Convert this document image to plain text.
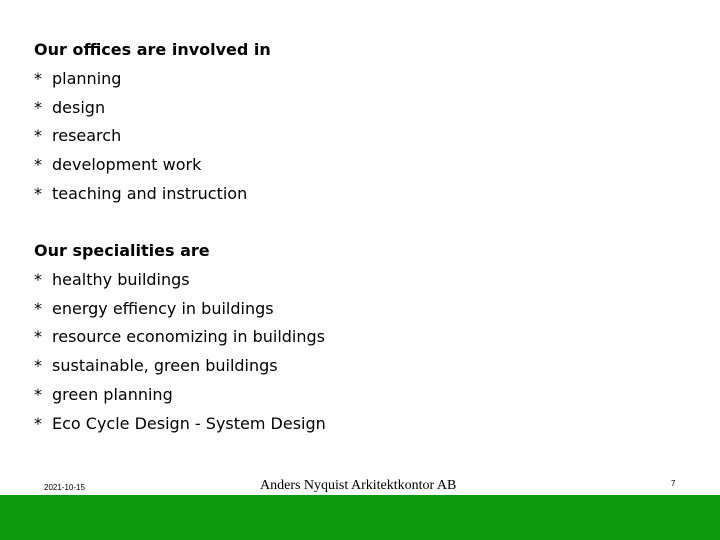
Our offices are involved in
* planning
* design
* research
* development work
* teaching and instruction
Our specialities are
* healthy buildings
* energy effiency in buildings
* resource economizing in buildings
* sustainable, green buildings
* green planning
* Eco Cycle Design - System Design
2021-10-15	Anders Nyquist Arkitektkontor AB	7
